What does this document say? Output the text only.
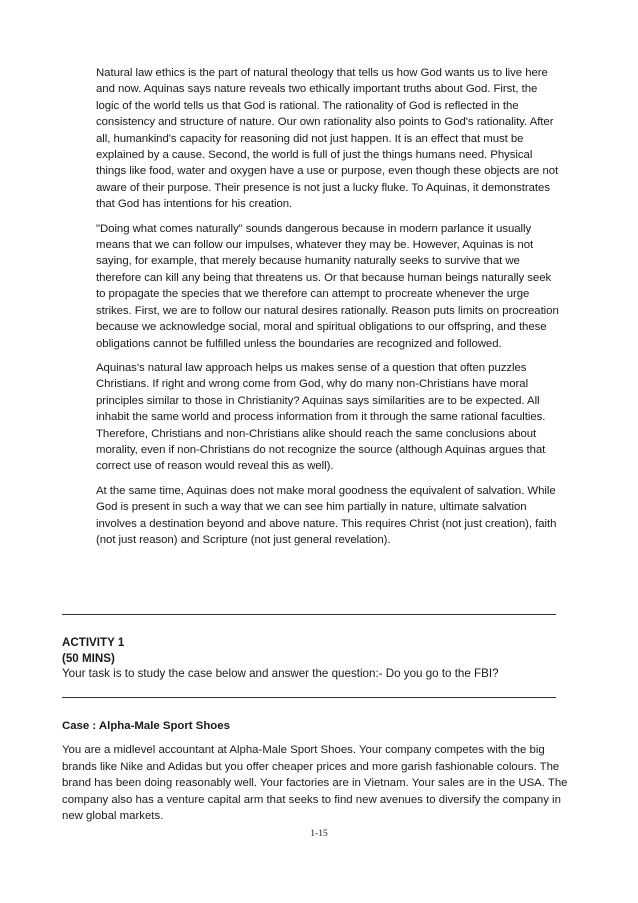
Natural law ethics is the part of natural theology that tells us how God wants us to live here and now. Aquinas says nature reveals two ethically important truths about God. First, the logic of the world tells us that God is rational. The rationality of God is reflected in the consistency and structure of nature. Our own rationality also points to God's rationality. After all, humankind's capacity for reasoning did not just happen. It is an effect that must be explained by a cause. Second, the world is full of just the things humans need. Physical things like food, water and oxygen have a use or purpose, even though these objects are not aware of their purpose. Their presence is not just a lucky fluke. To Aquinas, it demonstrates that God has intentions for his creation.

"Doing what comes naturally" sounds dangerous because in modern parlance it usually means that we can follow our impulses, whatever they may be. However, Aquinas is not saying, for example, that merely because humanity naturally seeks to survive that we therefore can kill any being that threatens us. Or that because human beings naturally seek to propagate the species that we therefore can attempt to procreate whenever the urge strikes. First, we are to follow our natural desires rationally. Reason puts limits on procreation because we acknowledge social, moral and spiritual obligations to our offspring, and these obligations cannot be fulfilled unless the boundaries are recognized and followed.

Aquinas's natural law approach helps us makes sense of a question that often puzzles Christians. If right and wrong come from God, why do many non-Christians have moral principles similar to those in Christianity? Aquinas says similarities are to be expected. All inhabit the same world and process information from it through the same rational faculties. Therefore, Christians and non-Christians alike should reach the same conclusions about morality, even if non-Christians do not recognize the source (although Aquinas argues that correct use of reason would reveal this as well).

At the same time, Aquinas does not make moral goodness the equivalent of salvation. While God is present in such a way that we can see him partially in nature, ultimate salvation involves a destination beyond and above nature. This requires Christ (not just creation), faith (not just reason) and Scripture (not just general revelation).

ACTIVITY 1
(50 MINS)
Your task is to study the case below and answer the question:- Do you go to the FBI?

Case : Alpha-Male Sport Shoes

You are a midlevel accountant at Alpha-Male Sport Shoes. Your company competes with the big brands like Nike and Adidas but you offer cheaper prices and more garish fashionable colours. The brand has been doing reasonably well. Your factories are in Vietnam. Your sales are in the USA. The company also has a venture capital arm that seeks to find new avenues to diversify the company in new global markets.

1-15
